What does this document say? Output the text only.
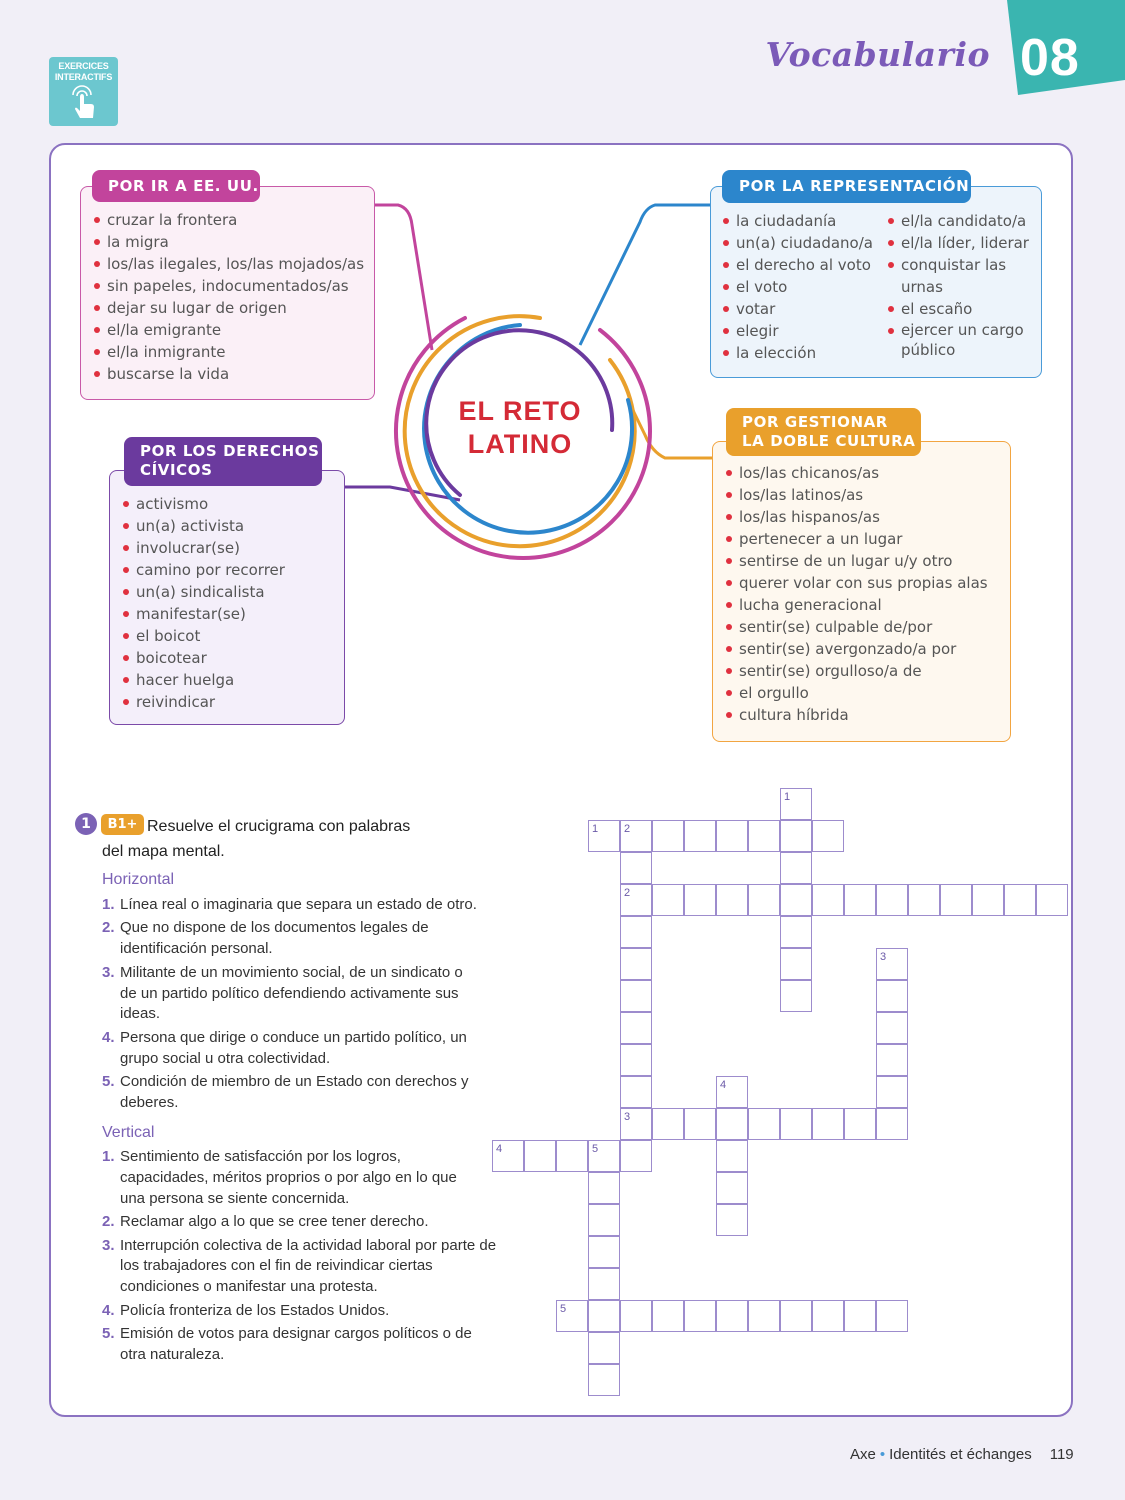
EXERCICES
INTERACTIFS
Vocabulario 08
EL RETO
LATINO
cruzar la frontera
la migra
los/las ilegales, los/las mojados/as
sin papeles, indocumentados/as
dejar su lugar de origen
el/la emigrante
el/la inmigrante
buscarse la vida
POR IR A EE. UU.
la ciudadanía
un(a) ciudadano/a
el derecho al voto
el voto
votar
elegir
la elección
el/la candidato/a
el/la líder, liderar
conquistar las urnas
el escaño
ejercer un cargo público
POR LA REPRESENTACIÓN
activismo
un(a) activista
involucrar(se)
camino por recorrer
un(a) sindicalista
manifestar(se)
el boicot
boicotear
hacer huelga
reivindicar
POR LOS DERECHOS
CÍVICOS	los/las chicanos/as
los/las latinos/as
los/las hispanos/as
pertenecer a un lugar
sentirse de un lugar u/y otro
querer volar con sus propias alas
lucha generacional
sentir(se) culpable de/por
sentir(se) avergonzado/a por
sentir(se) orgulloso/a de
el orgullo
cultura híbrida
POR GESTIONAR
LA DOBLE CULTURA
1	B1+ Resuelve el crucigrama con palabras
del mapa mental.
Horizontal
1. Línea real o imaginaria que separa un estado de otro.
2. Que no dispone de los documentos legales de identificación personal.
3. Militante de un movimiento social, de un sindicato o de un partido político defendiendo activamente sus ideas.
4. Persona que dirige o conduce un partido político, un grupo social u otra colectividad.
5. Condición de miembro de un Estado con derechos y deberes.
Vertical
1. Sentimiento de satisfacción por los logros, capacidades, méritos proprios o por algo en lo que una persona se siente concernida.
2. Reclamar algo a lo que se cree tener derecho.
3. Interrupción colectiva de la actividad laboral por parte de los trabajadores con el fin de reivindicar ciertas condiciones o manifestar una protesta.
4. Policía fronteriza de los Estados Unidos.
5. Emisión de votos para designar cargos políticos o de otra naturaleza.
1 2
1
2
3
4
3
4	5
5
Axe • Identités et échanges 119
